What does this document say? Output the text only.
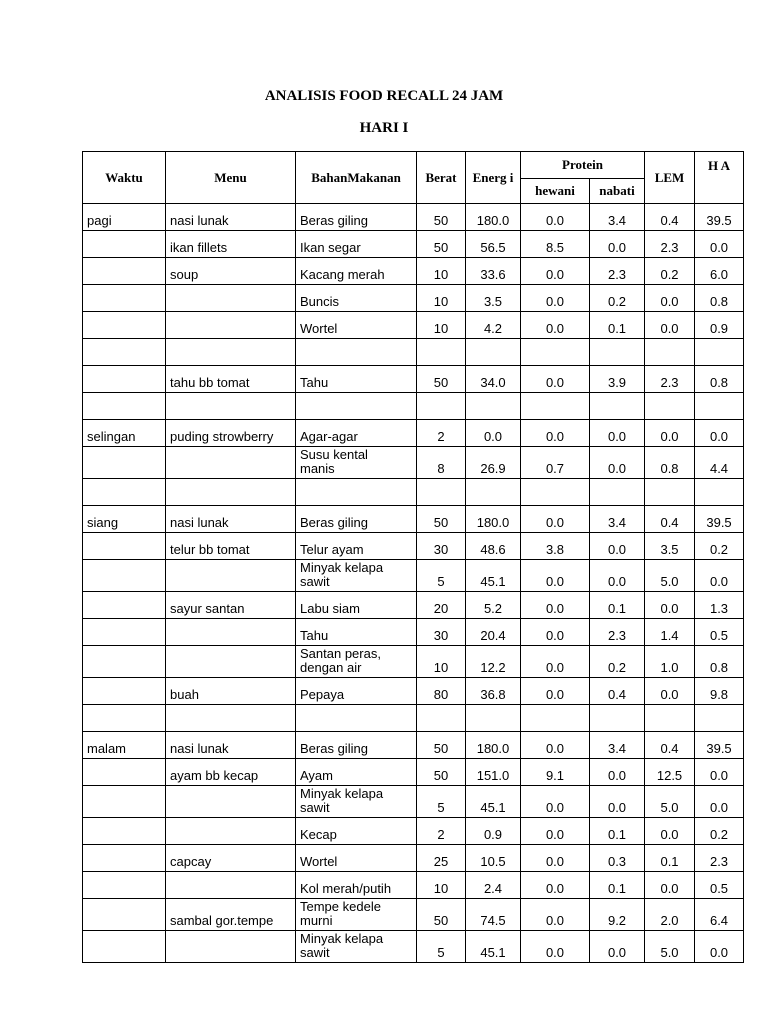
ANALISIS FOOD RECALL 24 JAM
HARI I
Waktu	Menu	BahanMakanan	Berat	Energ i	Protein		LEM	H A
					hewani	nabati		
pagi	nasi lunak	Beras giling	50	180.0	0.0	3.4	0.4	39.5
	ikan fillets	Ikan segar	50	56.5	8.5	0.0	2.3	0.0
	soup	Kacang merah	10	33.6	0.0	2.3	0.2	6.0
		Buncis	10	3.5	0.0	0.2	0.0	0.8
		Wortel	10	4.2	0.0	0.1	0.0	0.9

	tahu bb tomat	Tahu	50	34.0	0.0	3.9	2.3	0.8

selingan	puding strowberry	Agar-agar	2	0.0	0.0	0.0	0.0	0.0
		Susu kental
manis	8	26.9	0.7	0.0	0.8	4.4

siang	nasi lunak	Beras giling	50	180.0	0.0	3.4	0.4	39.5
	telur bb tomat	Telur ayam	30	48.6	3.8	0.0	3.5	0.2
		Minyak kelapa
sawit	5	45.1	0.0	0.0	5.0	0.0
	sayur santan	Labu siam	20	5.2	0.0	0.1	0.0	1.3
		Tahu	30	20.4	0.0	2.3	1.4	0.5
		Santan peras,
dengan air	10	12.2	0.0	0.2	1.0	0.8
	buah	Pepaya	80	36.8	0.0	0.4	0.0	9.8

malam	nasi lunak	Beras giling	50	180.0	0.0	3.4	0.4	39.5
	ayam bb kecap	Ayam	50	151.0	9.1	0.0	12.5	0.0
		Minyak kelapa
sawit	5	45.1	0.0	0.0	5.0	0.0
		Kecap	2	0.9	0.0	0.1	0.0	0.2
	capcay	Wortel	25	10.5	0.0	0.3	0.1	2.3
		Kol merah/putih	10	2.4	0.0	0.1	0.0	0.5
	sambal gor.tempe	Tempe kedele
murni	50	74.5	0.0	9.2	2.0	6.4
		Minyak kelapa
sawit	5	45.1	0.0	0.0	5.0	0.0
